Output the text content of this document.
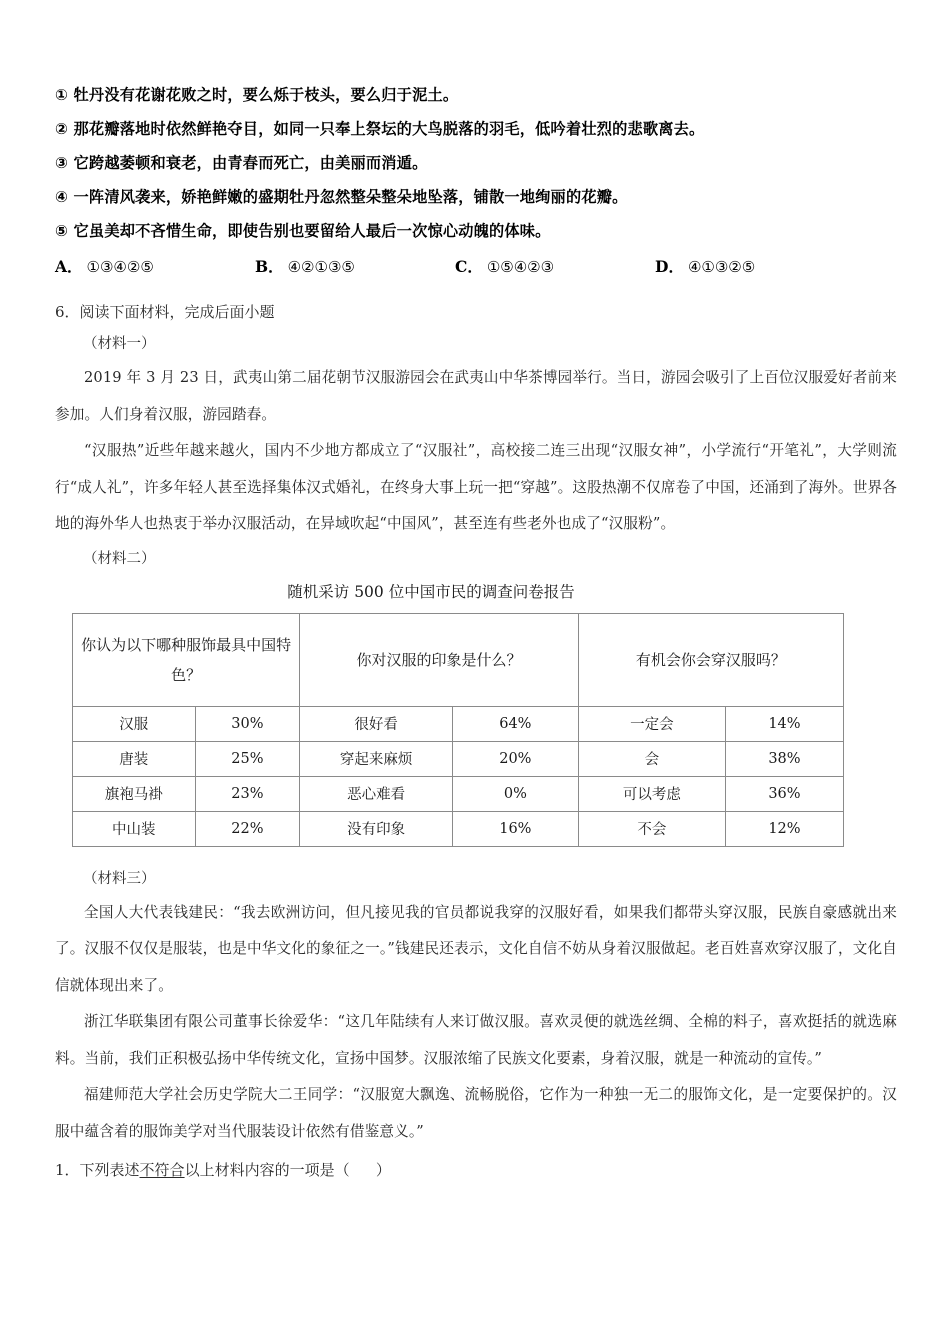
① 牡丹没有花谢花败之时，要么烁于枝头，要么归于泥土。
② 那花瓣落地时依然鲜艳夺目，如同一只奉上祭坛的大鸟脱落的羽毛，低吟着壮烈的悲歌离去。
③ 它跨越萎顿和衰老，由青春而死亡，由美丽而消遁。
④ 一阵清风袭来，娇艳鲜嫩的盛期牡丹忽然整朵整朵地坠落，铺散一地绚丽的花瓣。
⑤ 它虽美却不吝惜生命，即使告别也要留给人最后一次惊心动魄的体味。
A． ①③④②⑤	B． ④②①③⑤	C． ①⑤④②③	D． ④①③②⑤
6．阅读下面材料，完成后面小题
（材料一）
2019 年 3 月 23 日，武夷山第二届花朝节汉服游园会在武夷山中华茶博园举行。当日，游园会吸引了上百位汉服爱好者前来参加。人们身着汉服，游园踏春。
“汉服热”近些年越来越火，国内不少地方都成立了“汉服社”，高校接二连三出现“汉服女神”，小学流行“开笔礼”，大学则流行“成人礼”，许多年轻人甚至选择集体汉式婚礼，在终身大事上玩一把“穿越”。这股热潮不仅席卷了中国，还涌到了海外。世界各地的海外华人也热衷于举办汉服活动，在异域吹起“中国风”，甚至连有些老外也成了“汉服粉”。
（材料二）
随机采访 500 位中国市民的调查问卷报告
你认为以下哪种服饰最具中国特色？		你对汉服的印象是什么？		有机会你会穿汉服吗？	
汉服	30%	很好看	64%	一定会	14%
唐装	25%	穿起来麻烦	20%	会	38%
旗袍马褂	23%	恶心难看	0%	可以考虑	36%
中山装	22%	没有印象	16%	不会	12%
（材料三）
全国人大代表钱建民：“我去欧洲访问，但凡接见我的官员都说我穿的汉服好看，如果我们都带头穿汉服，民族自豪感就出来了。汉服不仅仅是服装，也是中华文化的象征之一。”钱建民还表示，文化自信不妨从身着汉服做起。老百姓喜欢穿汉服了，文化自信就体现出来了。
浙江华联集团有限公司董事长徐爱华：“这几年陆续有人来订做汉服。喜欢灵便的就选丝绸、全棉的料子，喜欢挺括的就选麻料。当前，我们正积极弘扬中华传统文化，宣扬中国梦。汉服浓缩了民族文化要素，身着汉服，就是一种流动的宣传。”
福建师范大学社会历史学院大二王同学：“汉服宽大飘逸、流畅脱俗，它作为一种独一无二的服饰文化，是一定要保护的。汉服中蕴含着的服饰美学对当代服装设计依然有借鉴意义。”
1．下列表述不符合以上材料内容的一项是（ ）
